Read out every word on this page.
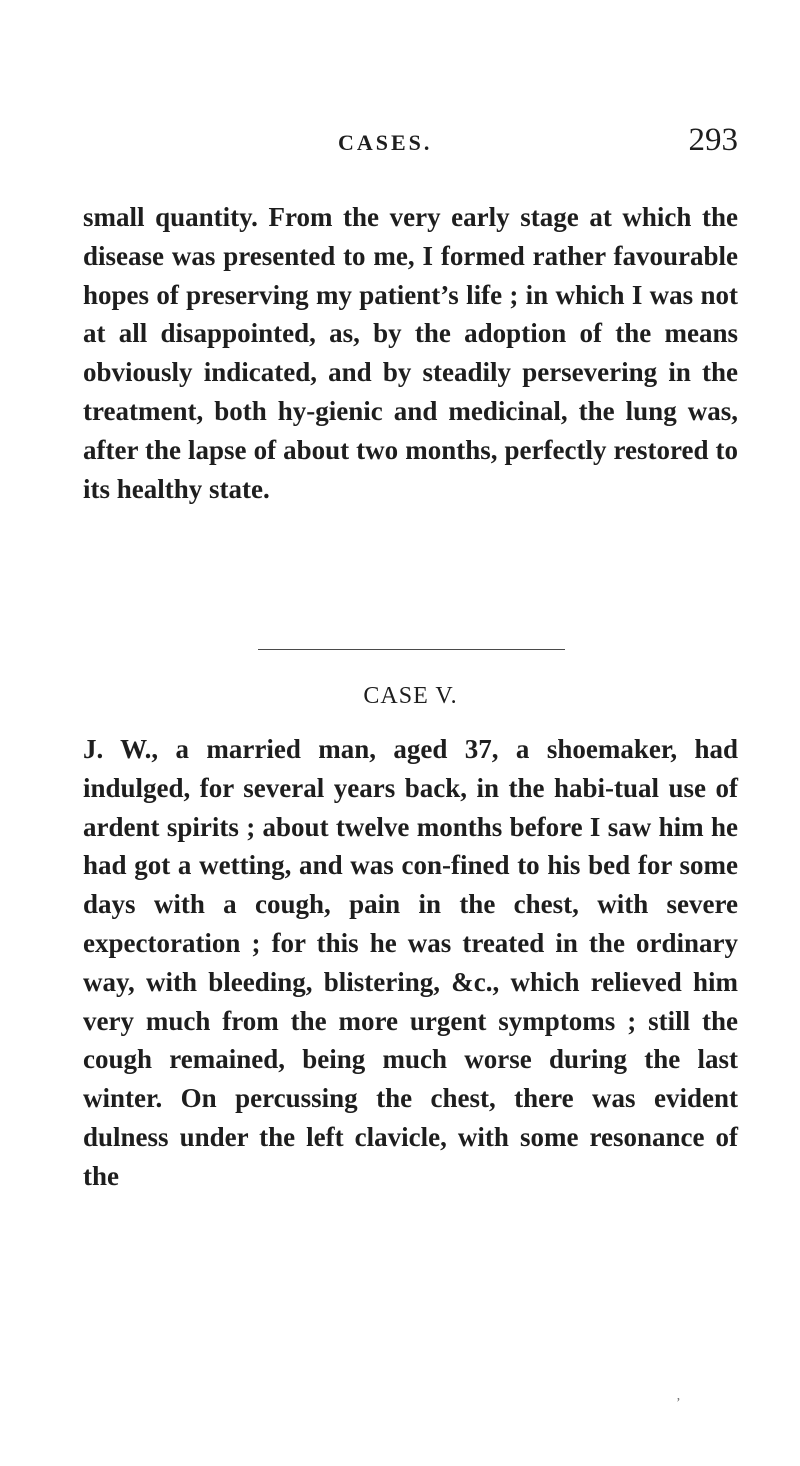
CASES.	293

small quantity. From the very early stage at which the disease was presented to me, I formed rather favourable hopes of preserving my patient’s life ; in which I was not at all disappointed, as, by the adoption of the means obviously indicated, and by steadily persevering in the treatment, both hy-gienic and medicinal, the lung was, after the lapse of about two months, perfectly restored to its healthy state.

CASE V.

J. W., a married man, aged 37, a shoemaker, had indulged, for several years back, in the habi-tual use of ardent spirits ; about twelve months before I saw him he had got a wetting, and was con-fined to his bed for some days with a cough, pain in the chest, with severe expectoration ; for this he was treated in the ordinary way, with bleeding, blistering, &c., which relieved him very much from the more urgent symptoms ; still the cough remained, being much worse during the last winter. On percussing the chest, there was evident dulness under the left clavicle, with some resonance of the

ʼ
